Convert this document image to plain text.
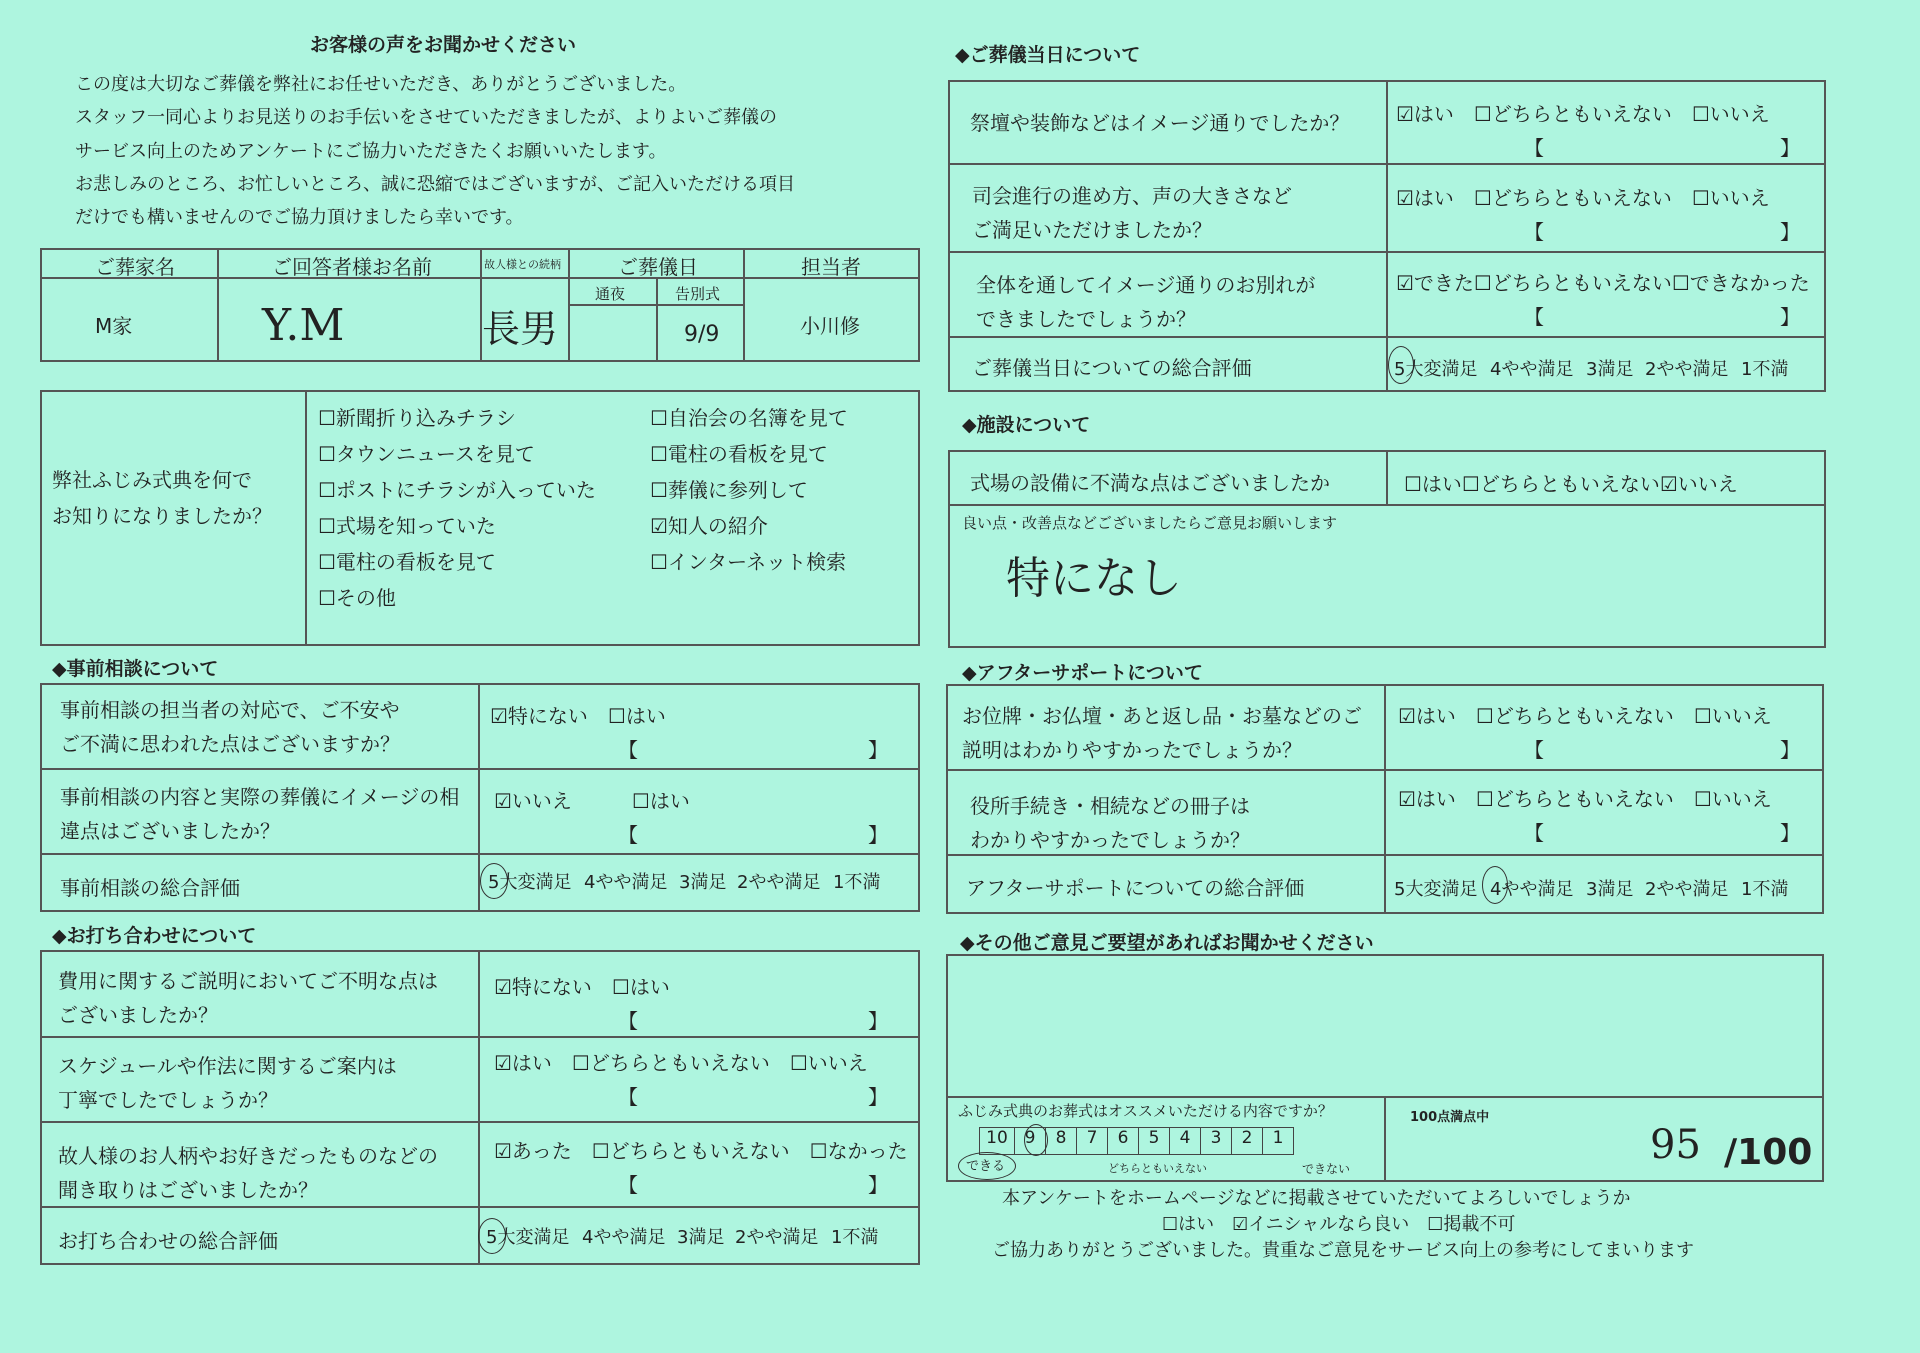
お客様の声をお聞かせください
この度は大切なご葬儀を弊社にお任せいただき、ありがとうございました。
スタッフ一同心よりお見送りのお手伝いをさせていただきましたが、よりよいご葬儀の
サービス向上のためアンケートにご協力いただきたくお願いいたします。
お悲しみのところ、お忙しいところ、誠に恐縮ではございますが、ご記入いただける項目
だけでも構いませんのでご協力頂けましたら幸いです。
ご葬家名	ご回答者様お名前	故人様との続柄	ご葬儀日	担当者
通夜	告別式
M家	Y.M	長男	9/9	小川修
弊社ふじみ式典を何で
お知りになりましたか？
☐新聞折り込みチラシ
☐タウンニュースを見て
☐ポストにチラシが入っていた
☐式場を知っていた
☐電柱の看板を見て
☐その他
☐自治会の名簿を見て
☐電柱の看板を見て
☐葬儀に参列して
☑知人の紹介
☐インターネット検索
◆事前相談について
事前相談の担当者の対応で、ご不安や
ご不満に思われた点はございますか？
☑特にない　☐はい
【	】
事前相談の内容と実際の葬儀にイメージの相
違点はございましたか？
☑いいえ　　　☐はい
【	】
事前相談の総合評価	5大変満足 4やや満足 3満足 2やや満足 1不満
◆お打ち合わせについて
費用に関するご説明においてご不明な点は
ございましたか？
☑特にない　☐はい
【	】
スケジュールや作法に関するご案内は
丁寧でしたでしょうか？
☑はい　☐どちらともいえない　☐いいえ
【	】
故人様のお人柄やお好きだったものなどの
聞き取りはございましたか？
☑あった　☐どちらともいえない　☐なかった
【	】
お打ち合わせの総合評価	5大変満足 4やや満足 3満足 2やや満足 1不満
◆ご葬儀当日について
祭壇や装飾などはイメージ通りでしたか？ ☑はい　☐どちらともいえない　☐いいえ
【	】
司会進行の進め方、声の大きさなど
ご満足いただけましたか？
☑はい　☐どちらともいえない　☐いいえ
【	】
全体を通してイメージ通りのお別れが
できましたでしょうか？
☑できた☐どちらともいえない☐できなかった
【	】
ご葬儀当日についての総合評価	5大変満足 4やや満足 3満足 2やや満足 1不満
◆施設について
式場の設備に不満な点はございましたか	☐はい☐どちらともいえない☑いいえ
良い点・改善点などございましたらご意見お願いします
特になし
◆アフターサポートについて
お位牌・お仏壇・あと返し品・お墓などのご
説明はわかりやすかったでしょうか？
☑はい　☐どちらともいえない　☐いいえ
【	】
役所手続き・相続などの冊子は
わかりやすかったでしょうか？
☑はい　☐どちらともいえない　☐いいえ
【	】
アフターサポートについての総合評価	5大変満足 4やや満足 3満足 2やや満足 1不満
◆その他ご意見ご要望があればお聞かせください
ふじみ式典のお葬式はオススメいただける内容ですか？
10 9	8	7	6	5	4	3	2	1
できる	どちらともいえない	できない
100点満点中
95 /100
本アンケートをホームページなどに掲載させていただいてよろしいでしょうか
☐はい　☑イニシャルなら良い　☐掲載不可
ご協力ありがとうございました。貴重なご意見をサービス向上の参考にしてまいります
